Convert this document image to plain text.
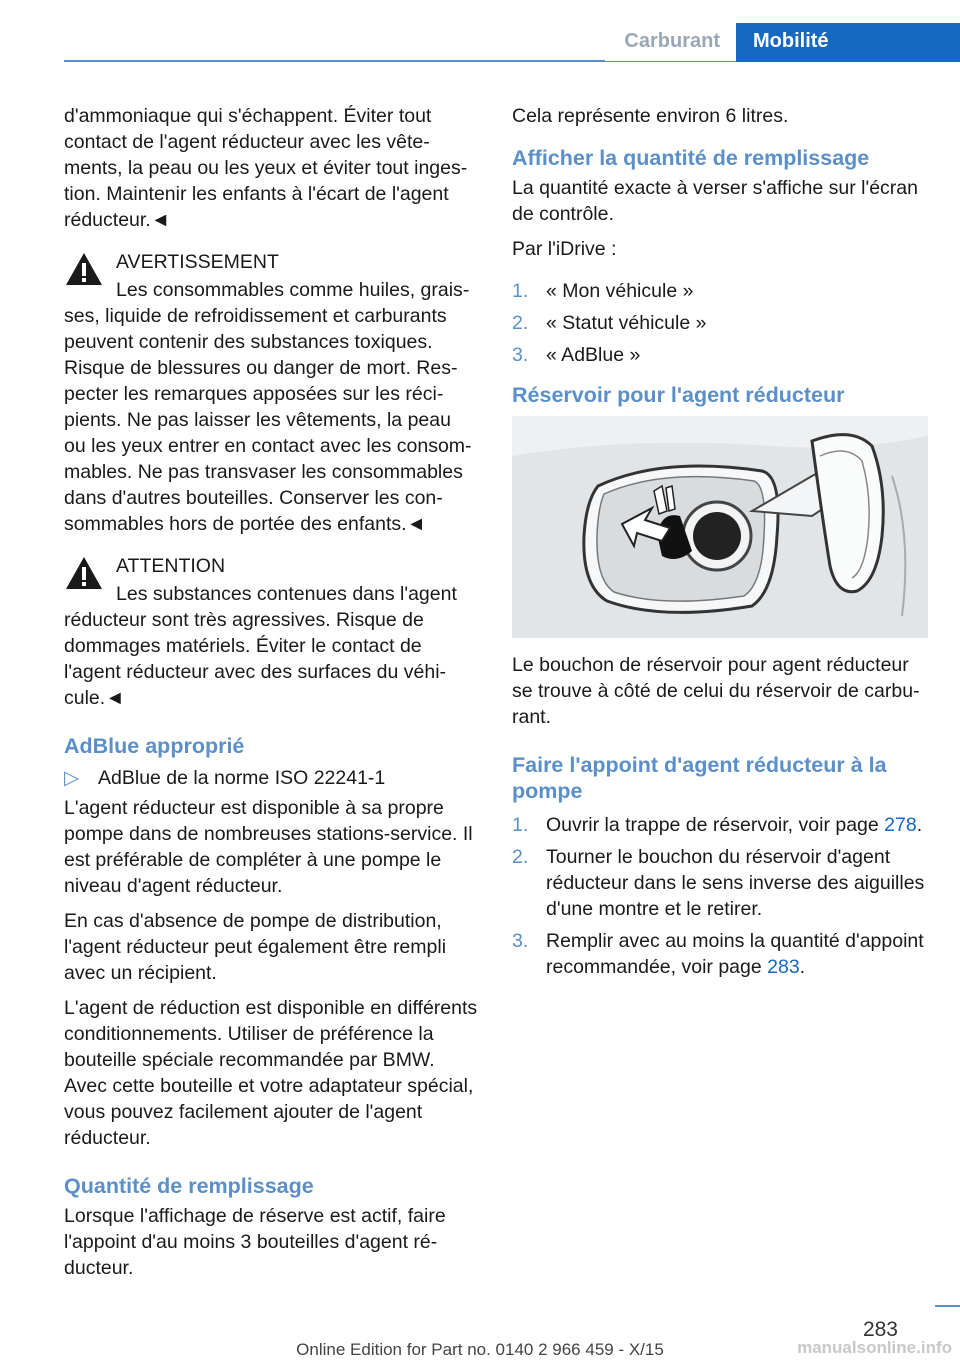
Carburant Mobilité

d'ammoniaque qui s'échappent. Éviter tout contact de l'agent réducteur avec les vêtements, la peau ou les yeux et éviter tout ingestion. Maintenir les enfants à l'écart de l'agent réducteur.◄

AVERTISSEMENT

Les consommables comme huiles, graisses, liquide de refroidissement et carburants peuvent contenir des substances toxiques. Risque de blessures ou danger de mort. Respecter les remarques apposées sur les récipients. Ne pas laisser les vêtements, la peau ou les yeux entrer en contact avec les consommables. Ne pas transvaser les consommables dans d'autres bouteilles. Conserver les consommables hors de portée des enfants.◄

ATTENTION

Les substances contenues dans l'agent réducteur sont très agressives. Risque de dommages matériels. Éviter le contact de l'agent réducteur avec des surfaces du véhicule.◄

AdBlue approprié
▷ AdBlue de la norme ISO 22241-1

L'agent réducteur est disponible à sa propre pompe dans de nombreuses stations-service. Il est préférable de compléter à une pompe le niveau d'agent réducteur.

En cas d'absence de pompe de distribution, l'agent réducteur peut également être rempli avec un récipient.

L'agent de réduction est disponible en différents conditionnements. Utiliser de préférence la bouteille spéciale recommandée par BMW. Avec cette bouteille et votre adaptateur spécial, vous pouvez facilement ajouter de l'agent réducteur.

Quantité de remplissage

Lorsque l'affichage de réserve est actif, faire l'appoint d'au moins 3 bouteilles d'agent réducteur.

Cela représente environ 6 litres.

Afficher la quantité de remplissage

La quantité exacte à verser s'affiche sur l'écran de contrôle.

Par l'iDrive :

1. « Mon véhicule »
2. « Statut véhicule »
3. « AdBlue »
Réservoir pour l'agent réducteur

Le bouchon de réservoir pour agent réducteur se trouve à côté de celui du réservoir de carburant.

Faire l'appoint d'agent réducteur à la pompe
1. Ouvrir la trappe de réservoir, voir page 278.
2. Tourner le bouchon du réservoir d'agent réducteur dans le sens inverse des aiguilles d'une montre et le retirer.
3. Remplir avec au moins la quantité d'appoint recommandée, voir page 283.
283
Online Edition for Part no. 0140 2 966 459 - X/15	manualsonline.info
